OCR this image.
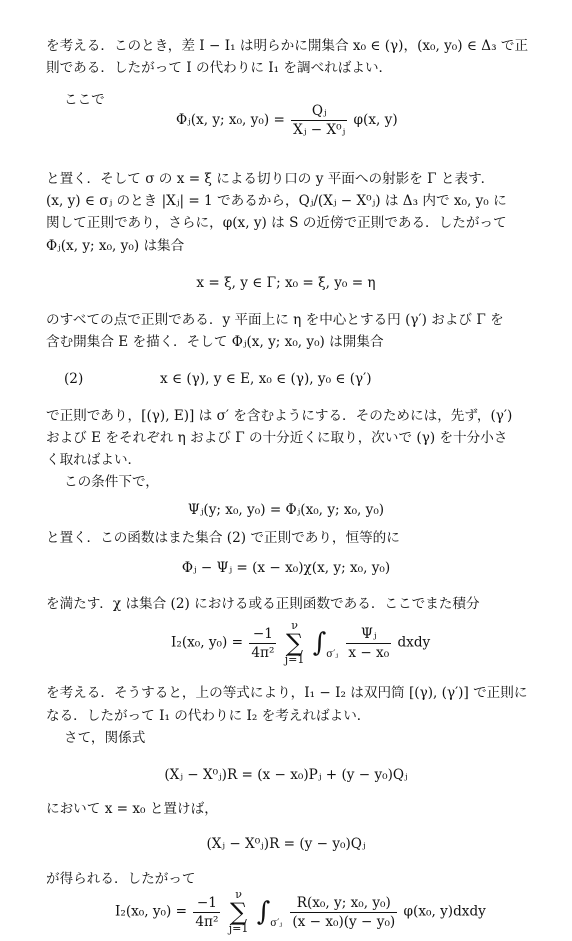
を考える．このとき，差 I − I₁ は明らかに開集合 x₀ ∈ (γ)，(x₀, y₀) ∈ Δ₃ で正
則である．したがって I の代わりに I₁ を調べればよい．
ここで
Φⱼ(x, y; x₀, $y_0) = \frac{\text{Qⱼ}}{\text{Xⱼ − X⁰ⱼ}} \varphi(x$, y)
と置く．そして σ の x = ξ による切り口の y 平面への射影を Γ と表す．
(x, y) ∈ σⱼ のとき |Xⱼ| = 1 であるから，Qⱼ/(Xⱼ − X⁰ⱼ) は Δ₃ 内で x₀, y₀ に
関して正則であり，さらに，φ(x, y) は S の近傍で正則である．したがって
Φⱼ(x, y; x₀, y₀) は集合
x = ξ, y ∈ Γ; x₀ = ξ, y₀ = η
のすべての点で正則である．y 平面上に η を中心とする円 (γ′) および Γ を
含む開集合 E を描く．そして Φⱼ(x, y; x₀, y₀) は開集合
(2)	x ∈ (γ), y ∈ E, x₀ ∈ (γ), y₀ ∈ (γ′)
で正則であり，[(γ), E)] は σ′ を含むようにする．そのためには，先ず，(γ′)
および E をそれぞれ η および Γ の十分近くに取り，次いで (γ) を十分小さ
く取ればよい．
この条件下で，
Ψⱼ(y; x₀, y₀) = Φⱼ(x₀, y; x₀, y₀)
と置く．この函数はまた集合 (2) で正則であり，恒等的に
Φⱼ − Ψⱼ = (x − x₀)χ(x, y; x₀, y₀)
を満たす．χ は集合 (2) における或る正則函数である．ここでまた積分
I₂(x₀, $y_0) = \frac{-1}{\text{4π²}}$ ν
∑
j=1 ∫σ′ⱼ $\frac{\text{Ψⱼ}}{\text{x − x₀}}$ dxdy
を考える．そうすると，上の等式により，I₁ − I₂ は双円筒 [(γ), (γ′)] で正則に
なる．したがって I₁ の代わりに I₂ を考えればよい．
さて，関係式
(Xⱼ − X⁰ⱼ)R = (x − x₀)Pⱼ + (y − y₀)Qⱼ
において x = x₀ と置けば，
(Xⱼ − X⁰ⱼ)R = (y − y₀)Qⱼ
が得られる．したがって
I₂(x₀, $y_0) = \frac{-1}{\text{4π²}}$ ν
∑
j=1 ∫σ′ⱼ $\frac{\text{R(x₀, y; x₀, y₀)}}{\text{(x − x₀)(y − y₀)}} \varphi(x_0$, y)dxdy
